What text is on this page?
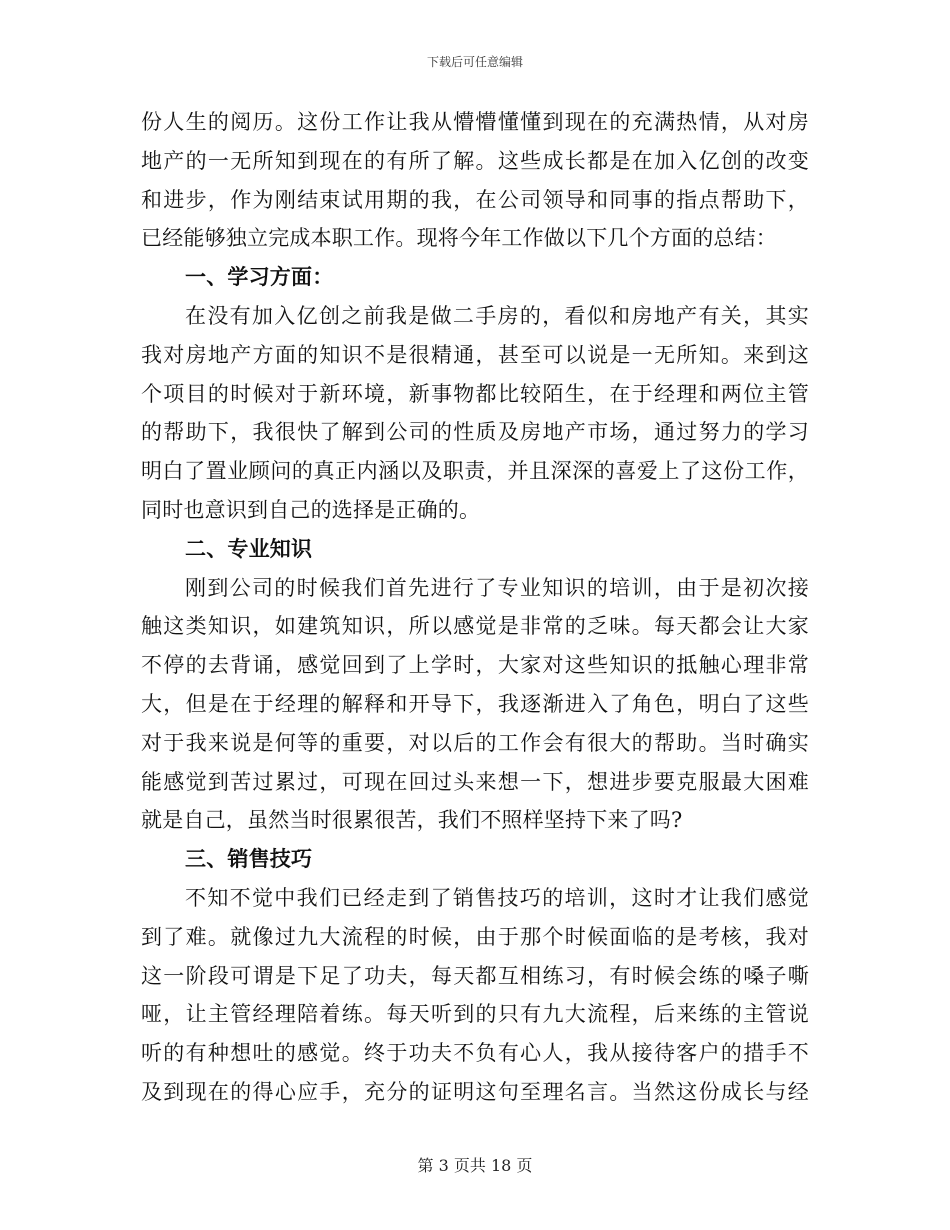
下载后可任意编辑
份人生的阅历。这份工作让我从懵懵懂懂到现在的充满热情，从对房
地产的一无所知到现在的有所了解。这些成长都是在加入亿创的改变
和进步，作为刚结束试用期的我，在公司领导和同事的指点帮助下，
已经能够独立完成本职工作。现将今年工作做以下几个方面的总结：
一、学习方面：
在没有加入亿创之前我是做二手房的，看似和房地产有关，其实
我对房地产方面的知识不是很精通，甚至可以说是一无所知。来到这
个项目的时候对于新环境，新事物都比较陌生，在于经理和两位主管
的帮助下，我很快了解到公司的性质及房地产市场，通过努力的学习
明白了置业顾问的真正内涵以及职责，并且深深的喜爱上了这份工作，
同时也意识到自己的选择是正确的。
二、专业知识
刚到公司的时候我们首先进行了专业知识的培训，由于是初次接
触这类知识，如建筑知识，所以感觉是非常的乏味。每天都会让大家
不停的去背诵，感觉回到了上学时，大家对这些知识的抵触心理非常
大，但是在于经理的解释和开导下，我逐渐进入了角色，明白了这些
对于我来说是何等的重要，对以后的工作会有很大的帮助。当时确实
能感觉到苦过累过，可现在回过头来想一下，想进步要克服最大困难
就是自己，虽然当时很累很苦，我们不照样坚持下来了吗?
三、销售技巧
不知不觉中我们已经走到了销售技巧的培训，这时才让我们感觉
到了难。就像过九大流程的时候，由于那个时候面临的是考核，我对
这一阶段可谓是下足了功夫，每天都互相练习，有时候会练的嗓子嘶
哑，让主管经理陪着练。每天听到的只有九大流程，后来练的主管说
听的有种想吐的感觉。终于功夫不负有心人，我从接待客户的措手不
及到现在的得心应手，充分的证明这句至理名言。当然这份成长与经
第 3 页共 18 页
